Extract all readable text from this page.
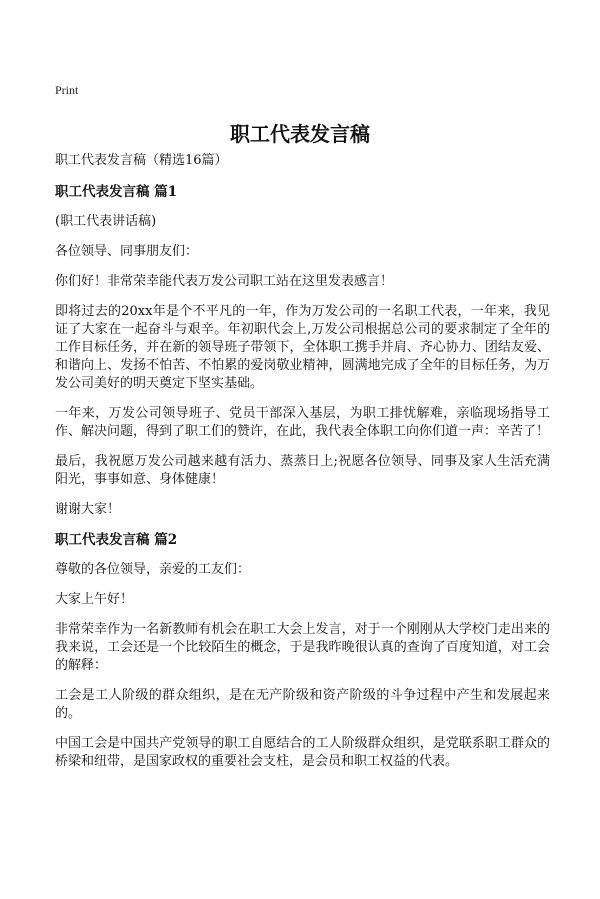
Print
职工代表发言稿

职工代表发言稿（精选16篇）

职工代表发言稿 篇1

(职工代表讲话稿)

各位领导、同事朋友们：

你们好！非常荣幸能代表万发公司职工站在这里发表感言！

即将过去的20xx年是个不平凡的一年，作为万发公司的一名职工代表，一年来，我见证了大家在一起奋斗与艰辛。年初职代会上,万发公司根据总公司的要求制定了全年的工作目标任务，并在新的领导班子带领下，全体职工携手并肩、齐心协力、团结友爱、和谐向上、发扬不怕苦、不怕累的爱岗敬业精神，圆满地完成了全年的目标任务，为万发公司美好的明天奠定下坚实基础。

一年来，万发公司领导班子、党员干部深入基层，为职工排忧解难，亲临现场指导工作、解决问题，得到了职工们的赞许，在此，我代表全体职工向你们道一声：辛苦了！

最后，我祝愿万发公司越来越有活力、蒸蒸日上;祝愿各位领导、同事及家人生活充满阳光，事事如意、身体健康！

谢谢大家！

职工代表发言稿 篇2

尊敬的各位领导，亲爱的工友们：

大家上午好！

非常荣幸作为一名新教师有机会在职工大会上发言，对于一个刚刚从大学校门走出来的我来说，工会还是一个比较陌生的概念，于是我昨晚很认真的查询了百度知道，对工会的解释：

工会是工人阶级的群众组织，是在无产阶级和资产阶级的斗争过程中产生和发展起来的。

中国工会是中国共产党领导的职工自愿结合的工人阶级群众组织，是党联系职工群众的桥梁和纽带，是国家政权的重要社会支柱，是会员和职工权益的代表。
